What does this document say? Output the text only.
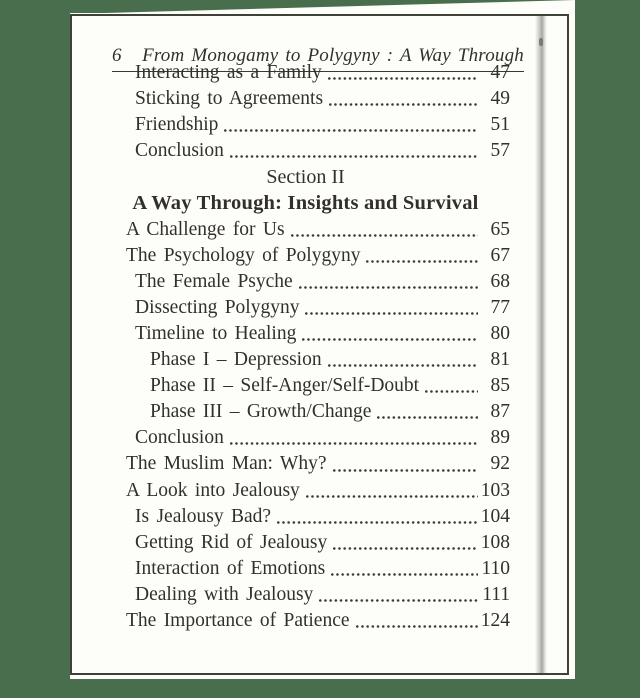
6 From Monogamy to Polygyny : A Way Through
Interacting as a Family	47
Sticking to Agreements	49
Friendship	51
Conclusion	57
Section II
A Way Through: Insights and Survival
A Challenge for Us	65
The Psychology of Polygyny	67
The Female Psyche	68
Dissecting Polygyny	77
Timeline to Healing	80
Phase I – Depression	81
Phase II – Self-Anger/Self-Doubt	85
Phase III – Growth/Change	87
Conclusion	89
The Muslim Man: Why?	92
A Look into Jealousy	103
Is Jealousy Bad?	104
Getting Rid of Jealousy	108
Interaction of Emotions	110
Dealing with Jealousy	111
The Importance of Patience	124
